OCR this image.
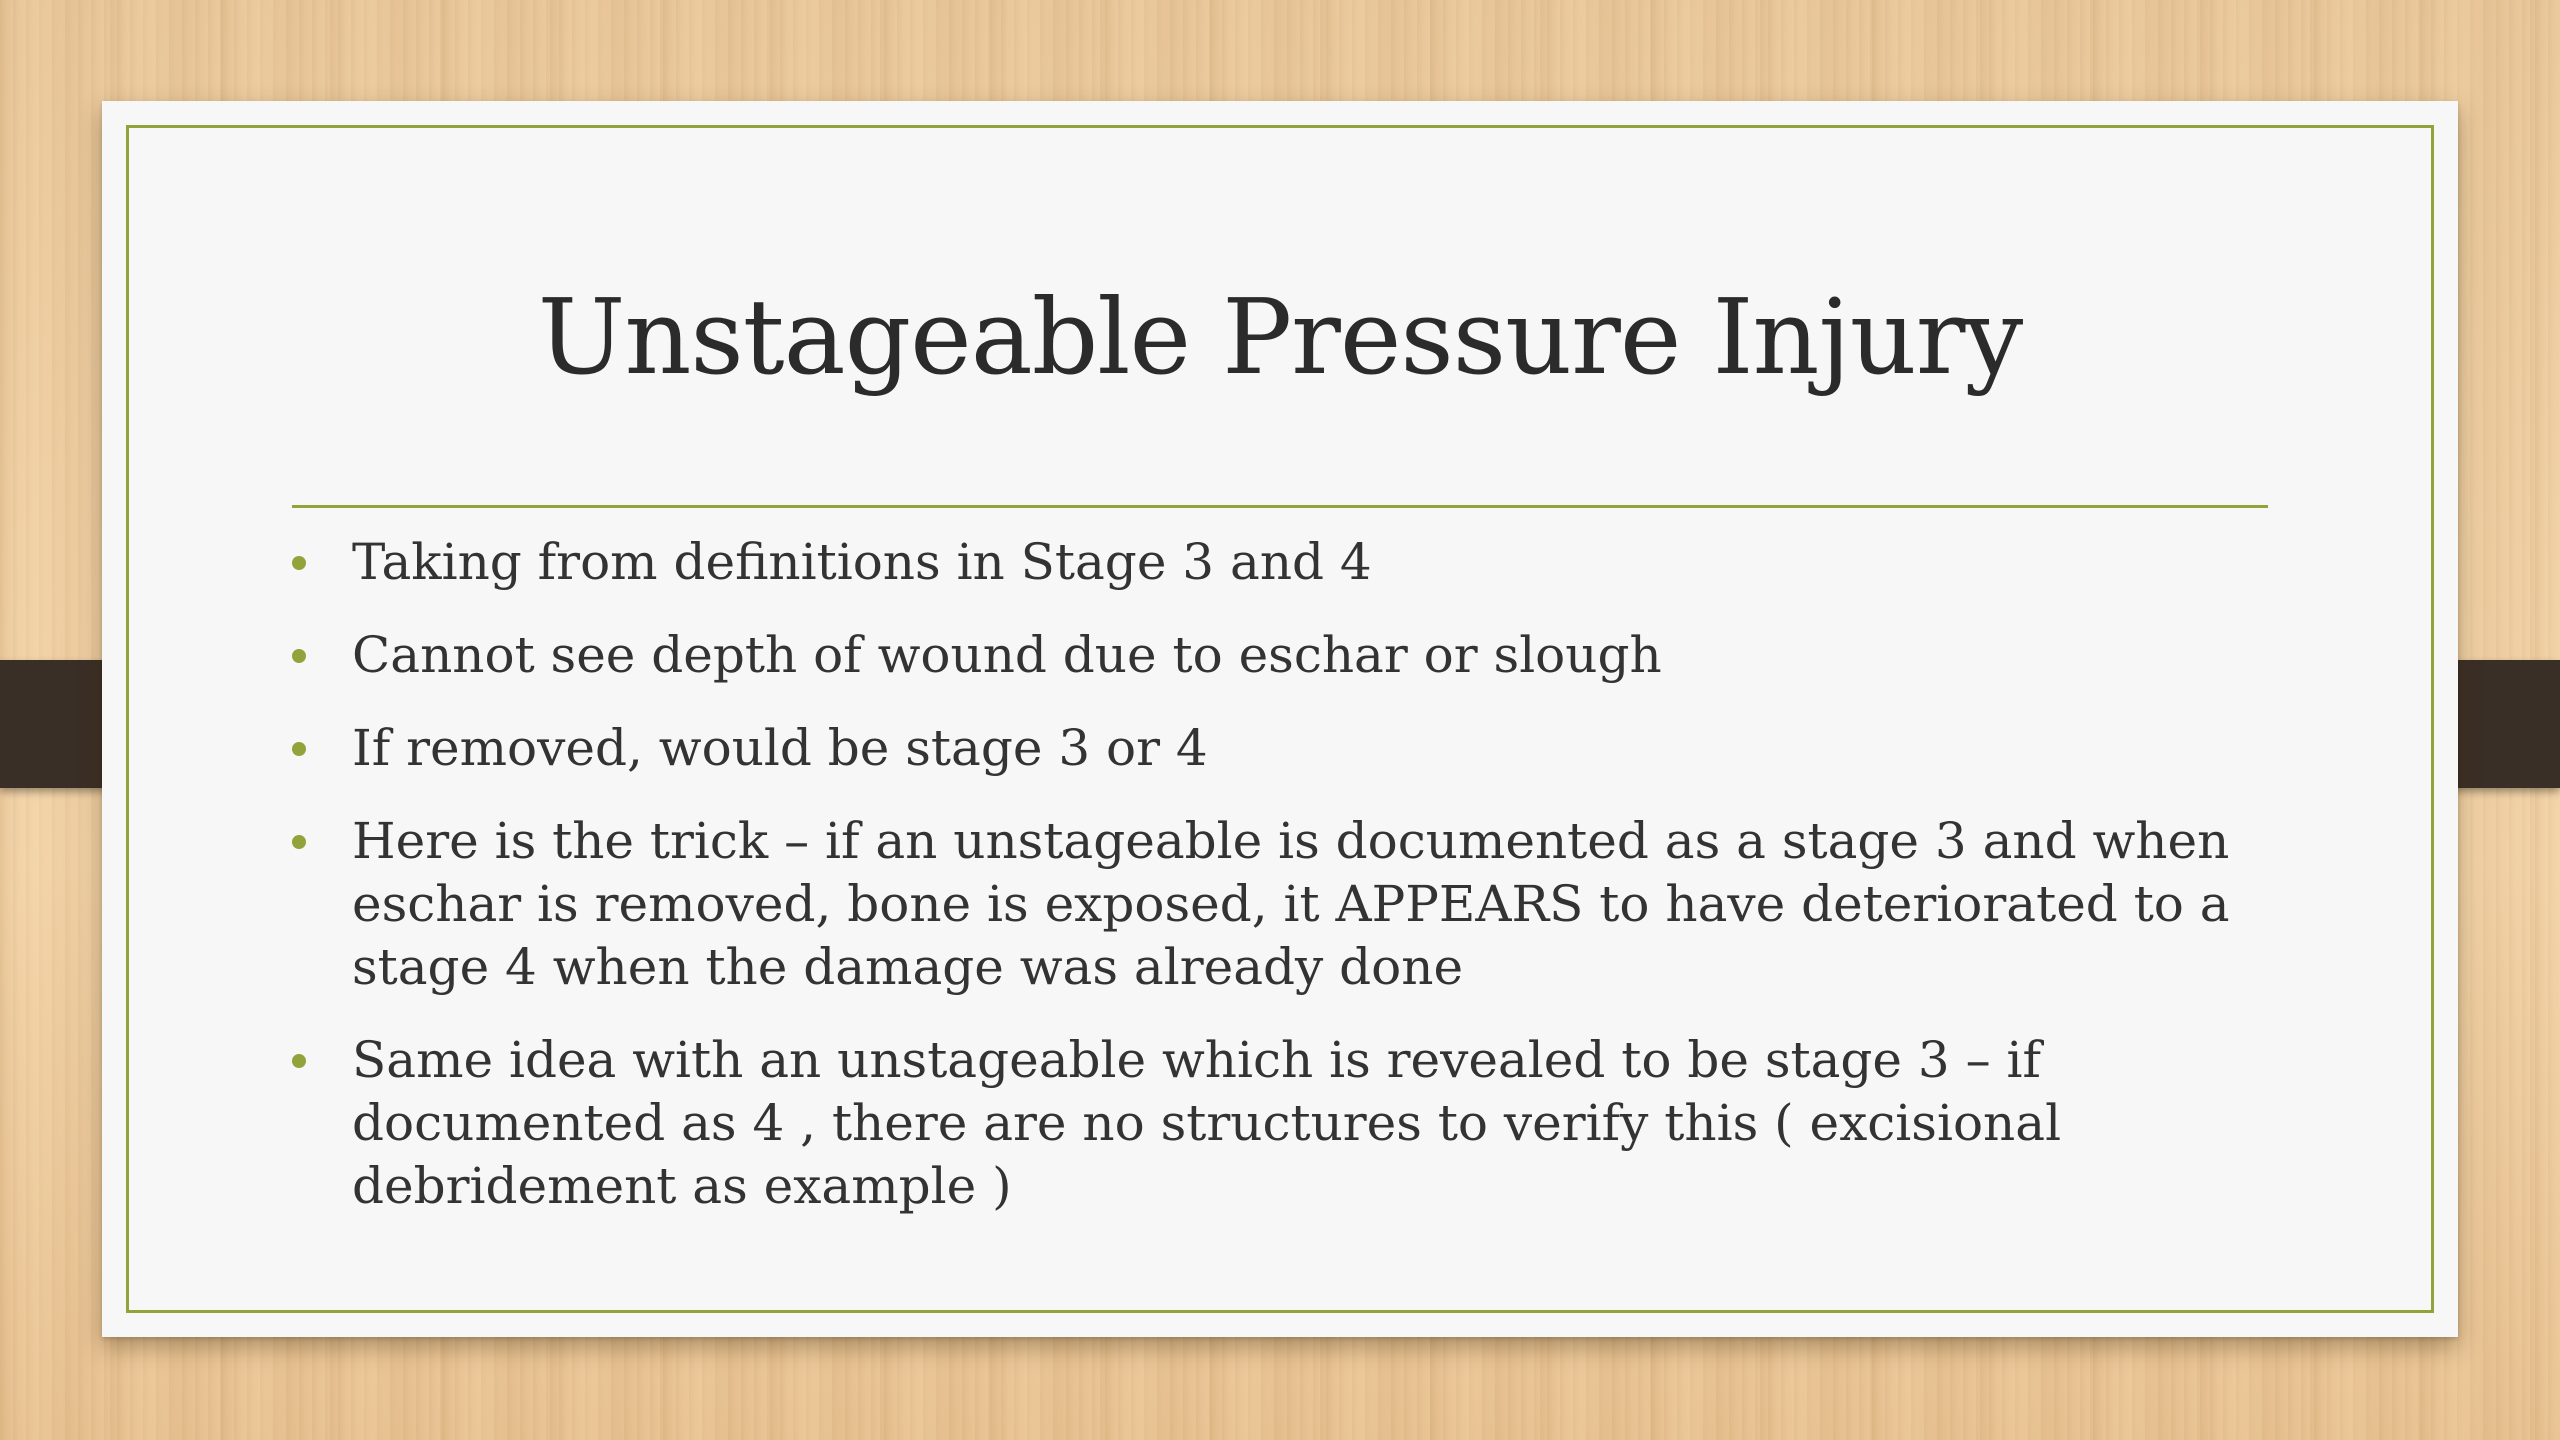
Unstageable Pressure Injury
Taking from definitions in Stage 3 and 4
Cannot see depth of wound due to eschar or slough
If removed, would be stage 3 or 4
Here is the trick – if an unstageable is documented as a stage 3 and when eschar is removed, bone is exposed, it APPEARS to have deteriorated to a stage 4 when the damage was already done
Same idea with an unstageable which is revealed to be stage 3 – if documented as 4 , there are no structures to verify this ( excisional debridement as example )
